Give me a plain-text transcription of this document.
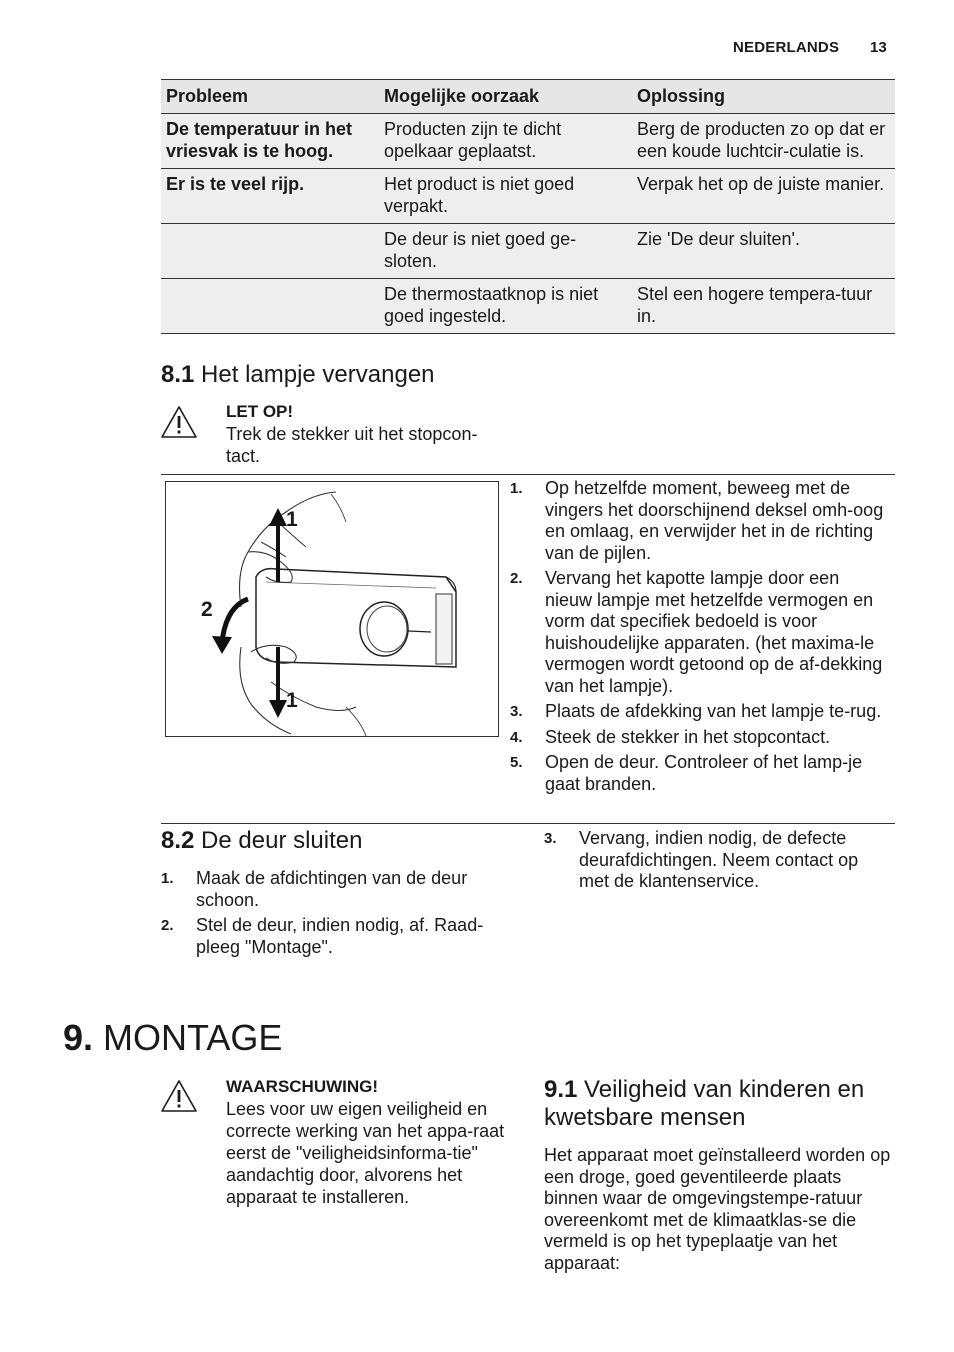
NEDERLANDS 13
Probleem	Mogelijke oorzaak	Oplossing
De temperatuur in het vriesvak is te hoog.	Producten zijn te dicht opelkaar geplaatst.	Berg de producten zo op dat er een koude luchtcir-culatie is.
Er is te veel rijp.	Het product is niet goed verpakt.	Verpak het op de juiste manier.
	De deur is niet goed ge-sloten.	Zie 'De deur sluiten'.
	De thermostaatknop is niet goed ingesteld.	Stel een hogere tempera-tuur in.
8.1 Het lampje vervangen
LET OP!
Trek de stekker uit het stopcon-tact.
1
2
1
1. Op hetzelfde moment, beweeg met de vingers het doorschijnend deksel omh-oog en omlaag, en verwijder het in de richting van de pijlen.
2. Vervang het kapotte lampje door een nieuw lampje met hetzelfde vermogen en vorm dat specifiek bedoeld is voor huishoudelijke apparaten. (het maxima-le vermogen wordt getoond op de af-dekking van het lampje).
3. Plaats de afdekking van het lampje te-rug.
4. Steek de stekker in het stopcontact.
5. Open de deur. Controleer of het lamp-je gaat branden.
8.2 De deur sluiten
1. Maak de afdichtingen van de deur schoon.
2. Stel de deur, indien nodig, af. Raad-pleeg "Montage".
3. Vervang, indien nodig, de defecte deurafdichtingen. Neem contact op met de klantenservice.
9. MONTAGE
WAARSCHUWING!
Lees voor uw eigen veiligheid en correcte werking van het appa-raat eerst de "veiligheidsinforma-tie" aandachtig door, alvorens het apparaat te installeren.
9.1 Veiligheid van kinderen en kwetsbare mensen
Het apparaat moet geïnstalleerd worden op een droge, goed geventileerde plaats binnen waar de omgevingstempe-ratuur overeenkomt met de klimaatklas-se die vermeld is op het typeplaatje van het apparaat:
